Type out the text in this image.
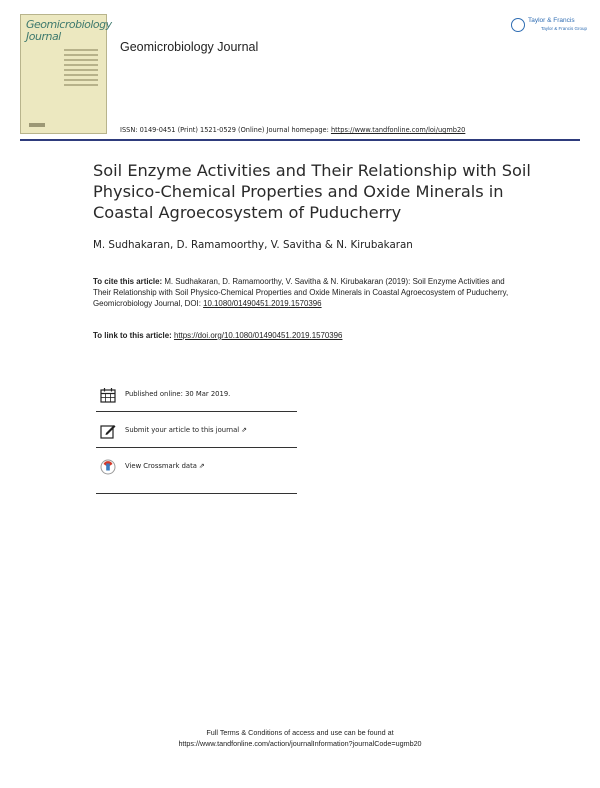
Geomicrobiology
Journal
Geomicrobiology Journal
Taylor & Francis
Taylor & Francis Group
ISSN: 0149-0451 (Print) 1521-0529 (Online) Journal homepage: https://www.tandfonline.com/loi/ugmb20
Soil Enzyme Activities and Their Relationship with Soil Physico-Chemical Properties and Oxide Minerals in Coastal Agroecosystem of Puducherry
M. Sudhakaran, D. Ramamoorthy, V. Savitha & N. Kirubakaran
To cite this article: M. Sudhakaran, D. Ramamoorthy, V. Savitha & N. Kirubakaran (2019): Soil Enzyme Activities and Their Relationship with Soil Physico-Chemical Properties and Oxide Minerals in Coastal Agroecosystem of Puducherry, Geomicrobiology Journal, DOI: 10.1080/01490451.2019.1570396
To link to this article: https://doi.org/10.1080/01490451.2019.1570396
Published online: 30 Mar 2019.
Submit your article to this journal ⇗
View Crossmark data ⇗
Full Terms & Conditions of access and use can be found at
https://www.tandfonline.com/action/journalInformation?journalCode=ugmb20
